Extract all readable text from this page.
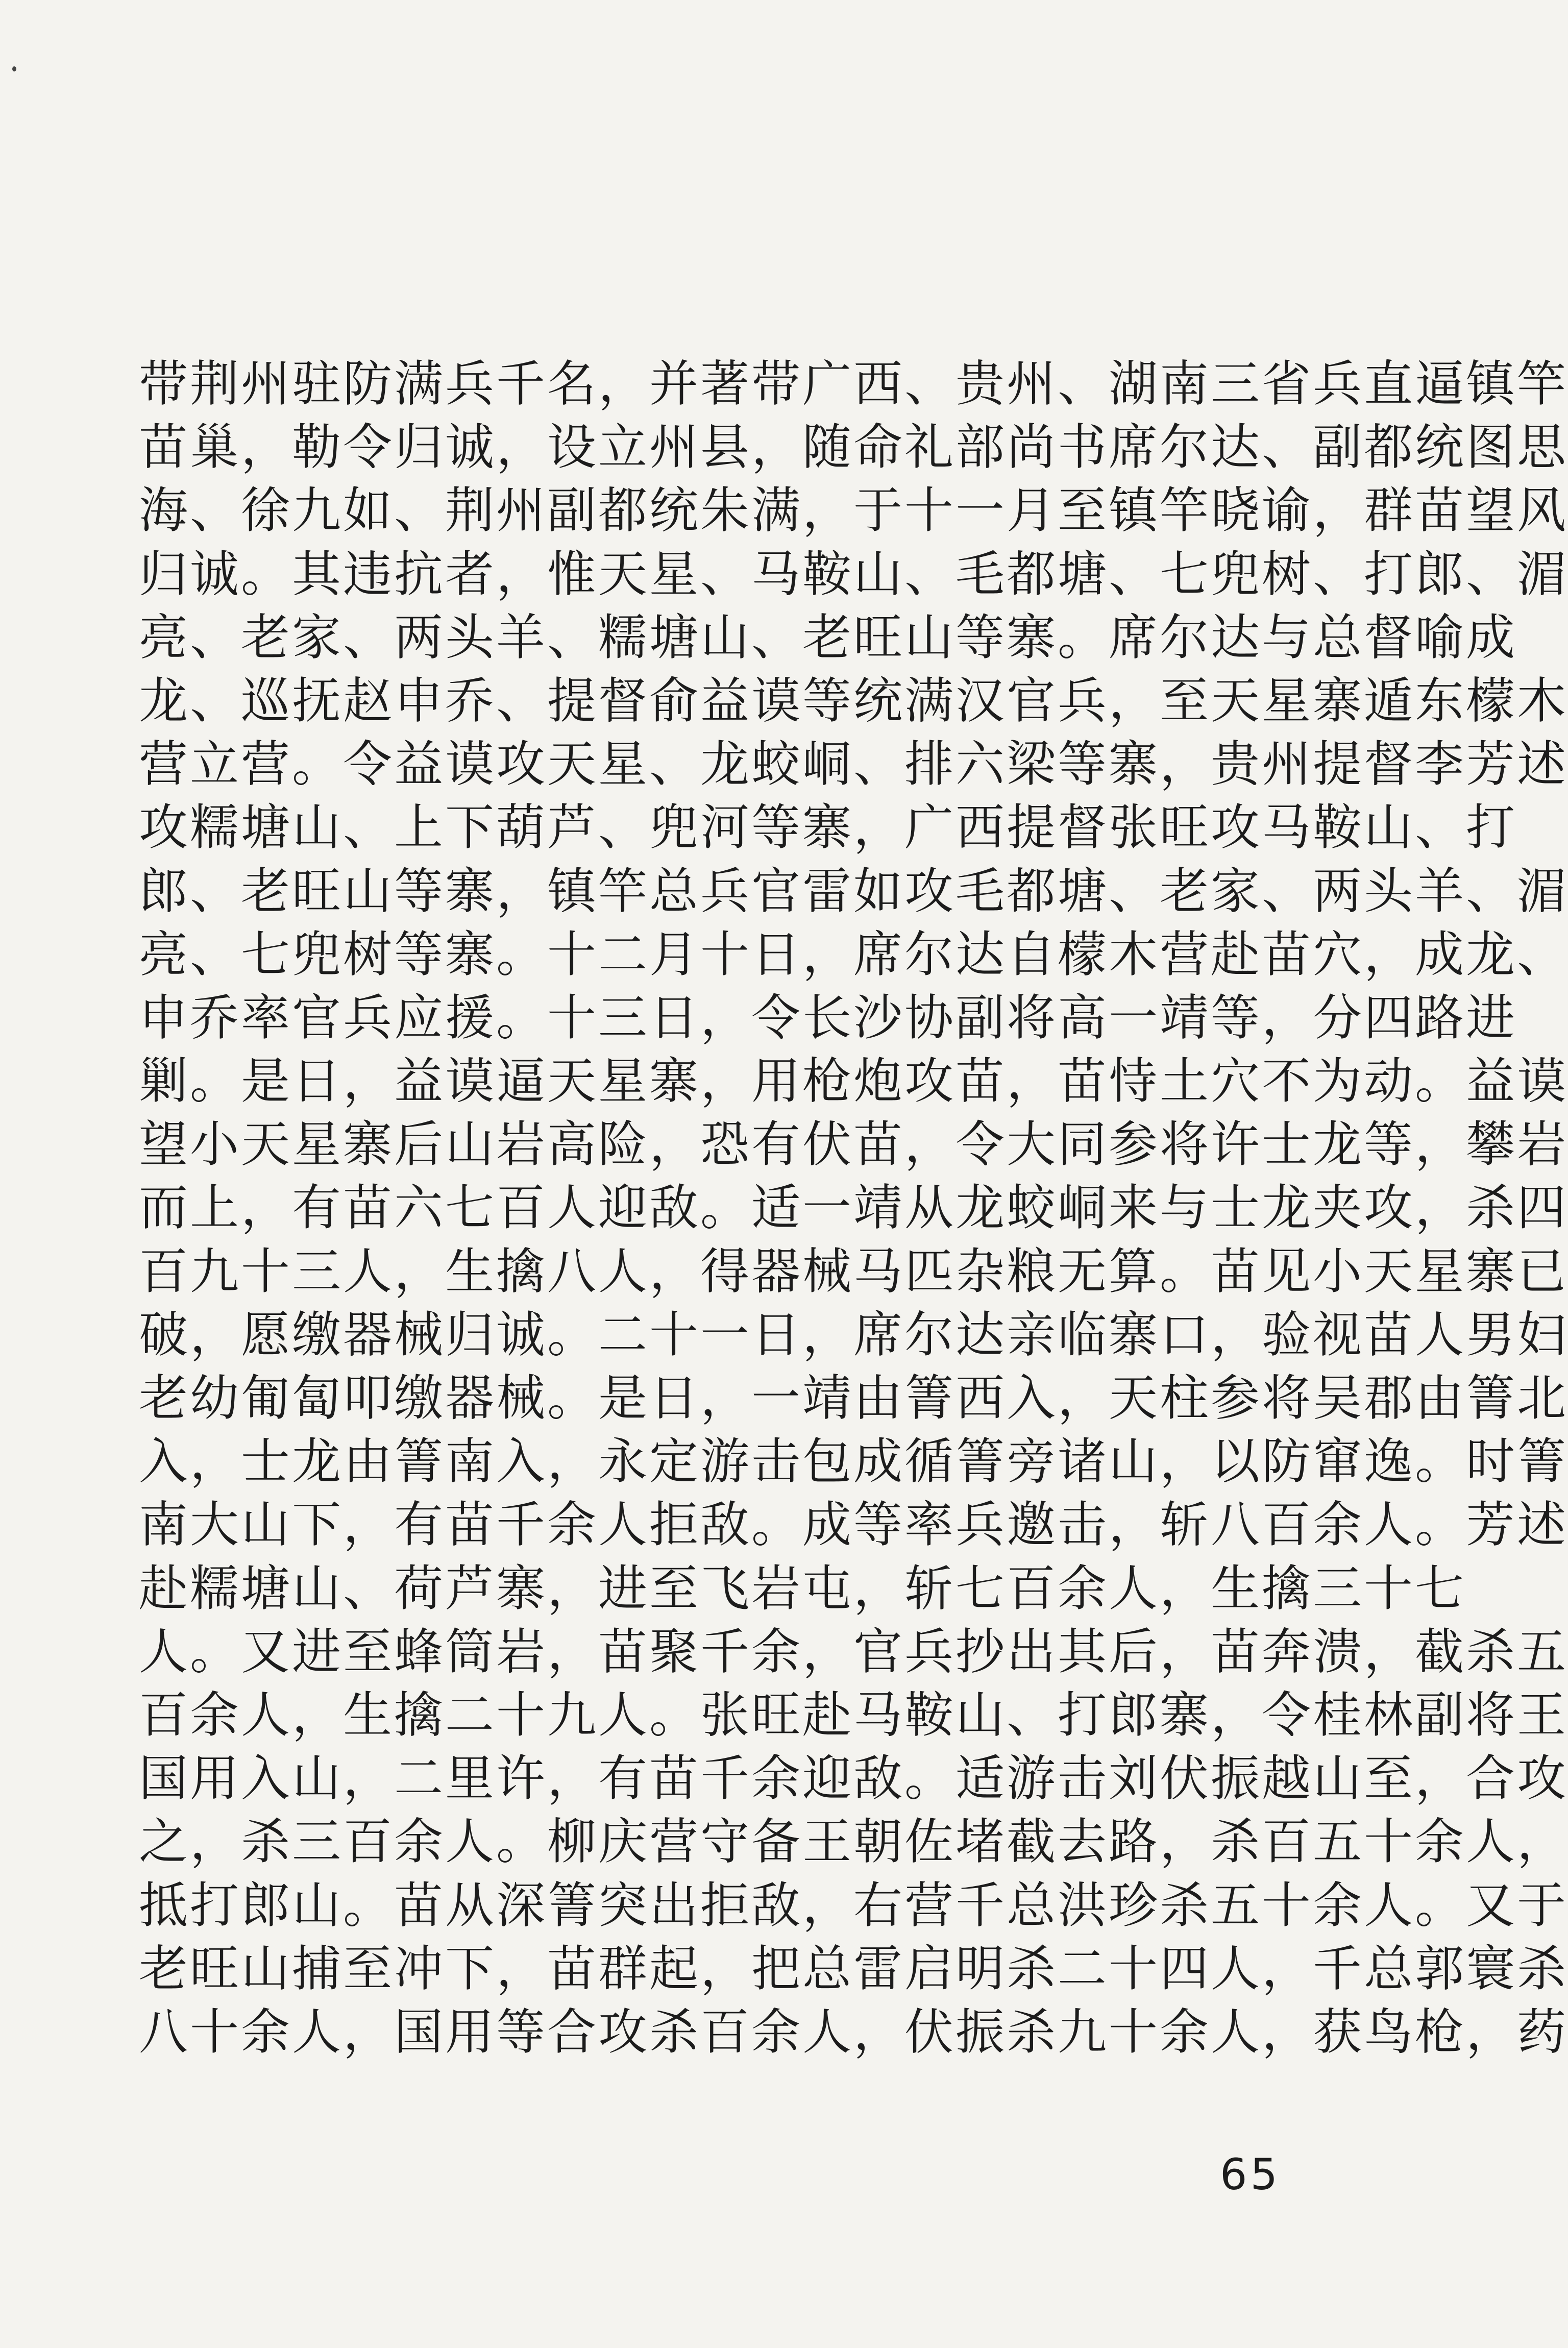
带荆州驻防满兵千名，并著带广西、贵州、湖南三省兵直逼镇竿
苗巢，勒令归诚，设立州县，随命礼部尚书席尔达、副都统图思
海、徐九如、荆州副都统朱满，于十一月至镇竿晓谕，群苗望风
归诚。其违抗者，惟天星、马鞍山、毛都塘、七兜树、打郎、湄
亮、老家、两头羊、糯塘山、老旺山等寨。席尔达与总督喻成
龙、巡抚赵申乔、提督俞益谟等统满汉官兵，至天星寨遁东檬木
营立营。令益谟攻天星、龙蛟峒、排六梁等寨，贵州提督李芳述
攻糯塘山、上下葫芦、兜河等寨，广西提督张旺攻马鞍山、打
郎、老旺山等寨，镇竿总兵官雷如攻毛都塘、老家、两头羊、湄
亮、七兜树等寨。十二月十日，席尔达自檬木营赴苗穴，成龙、
申乔率官兵应援。十三日，令长沙协副将高一靖等，分四路进
剿。是日，益谟逼天星寨，用枪炮攻苗，苗恃土穴不为动。益谟
望小天星寨后山岩高险，恐有伏苗，令大同参将许士龙等，攀岩
而上，有苗六七百人迎敌。适一靖从龙蛟峒来与士龙夹攻，杀四
百九十三人，生擒八人，得器械马匹杂粮无算。苗见小天星寨已
破，愿缴器械归诚。二十一日，席尔达亲临寨口，验视苗人男妇
老幼匍匐叩缴器械。是日，一靖由箐西入，天柱参将吴郡由箐北
入，士龙由箐南入，永定游击包成循箐旁诸山，以防窜逸。时箐
南大山下，有苗千余人拒敌。成等率兵邀击，斩八百余人。芳述
赴糯塘山、荷芦寨，进至飞岩屯，斩七百余人，生擒三十七
人。又进至蜂筒岩，苗聚千余，官兵抄出其后，苗奔溃，截杀五
百余人，生擒二十九人。张旺赴马鞍山、打郎寨，令桂林副将王
国用入山，二里许，有苗千余迎敌。适游击刘伏振越山至，合攻
之，杀三百余人。柳庆营守备王朝佐堵截去路，杀百五十余人，
抵打郎山。苗从深箐突出拒敌，右营千总洪珍杀五十余人。又于
老旺山捕至冲下，苗群起，把总雷启明杀二十四人，千总郭寰杀
八十余人，国用等合攻杀百余人，伏振杀九十余人，获鸟枪，药
65
